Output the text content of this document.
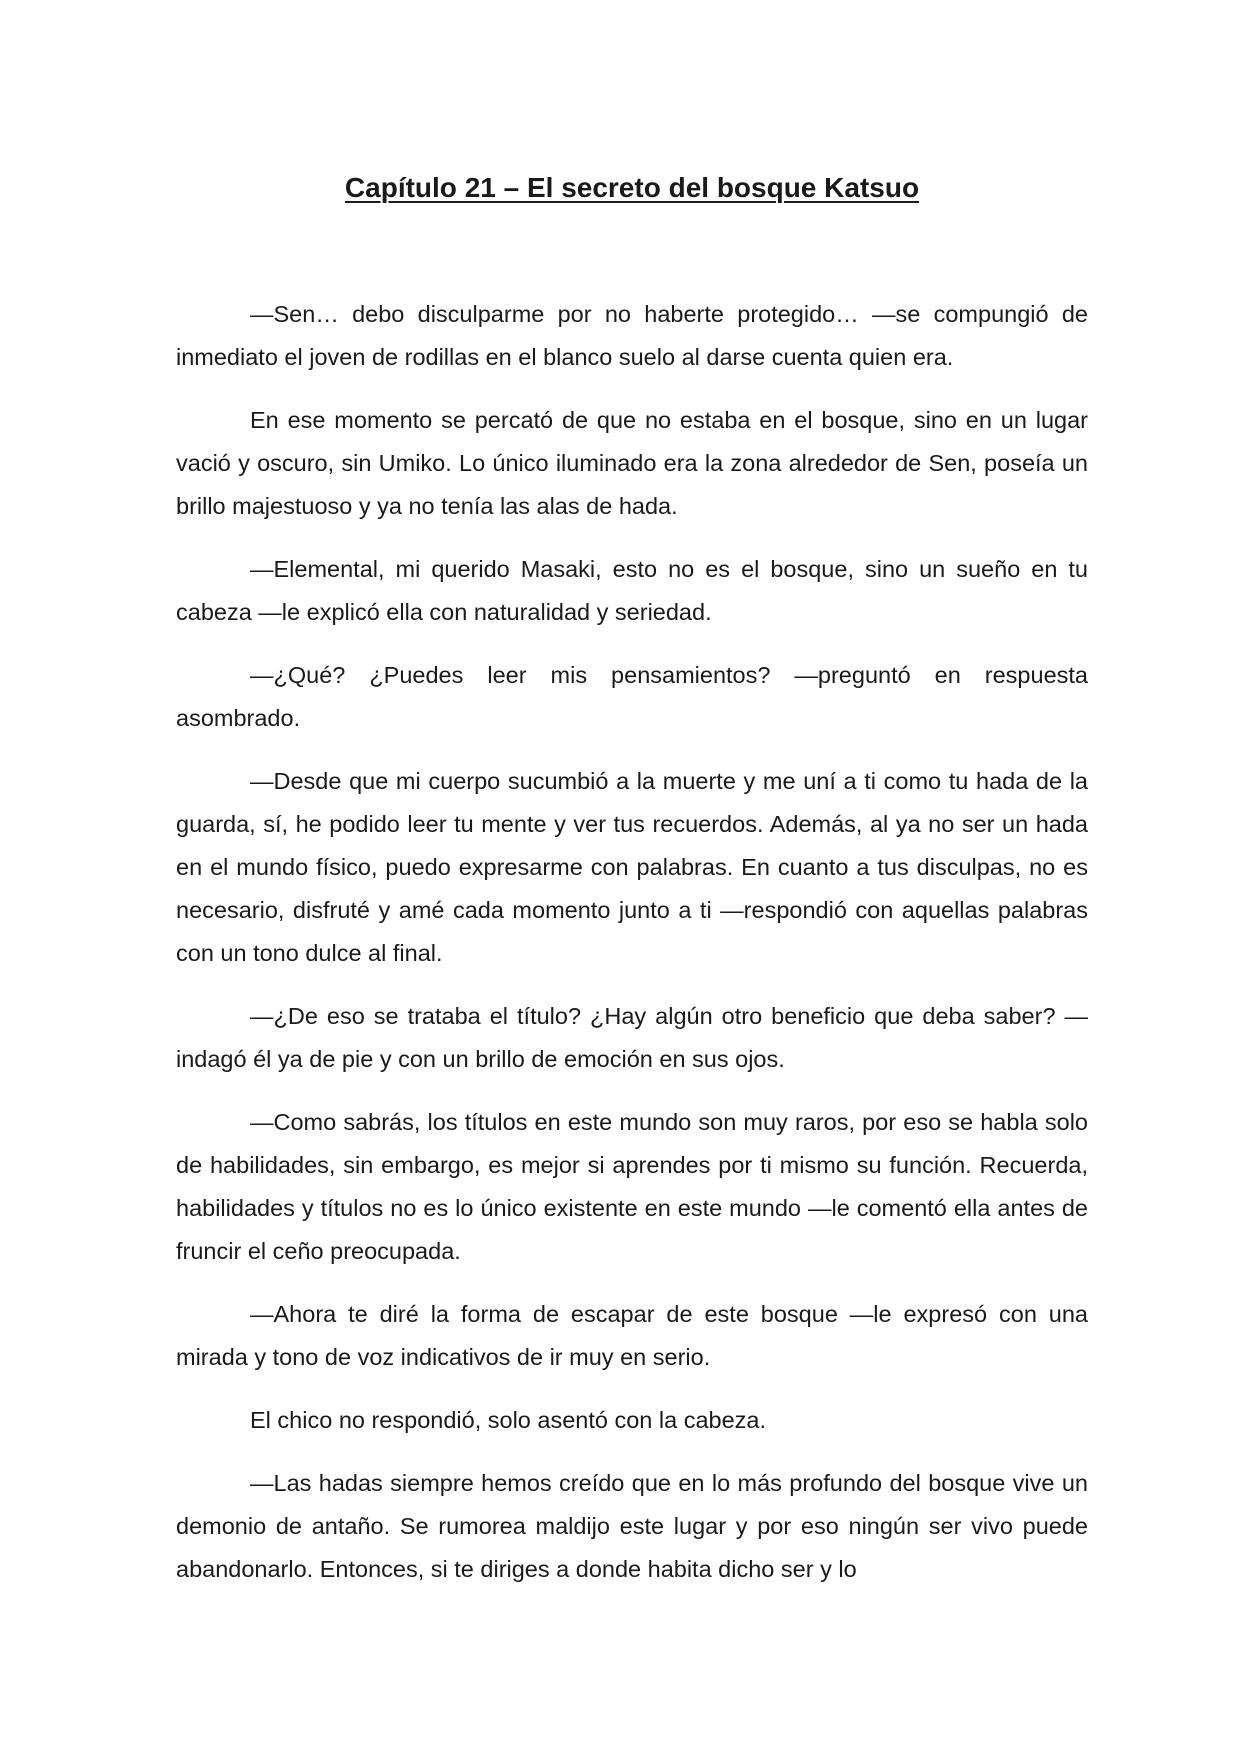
Capítulo 21 – El secreto del bosque Katsuo

—Sen… debo disculparme por no haberte protegido… —se compungió de inmediato el joven de rodillas en el blanco suelo al darse cuenta quien era.

En ese momento se percató de que no estaba en el bosque, sino en un lugar vació y oscuro, sin Umiko. Lo único iluminado era la zona alrededor de Sen, poseía un brillo majestuoso y ya no tenía las alas de hada.

—Elemental, mi querido Masaki, esto no es el bosque, sino un sueño en tu cabeza —le explicó ella con naturalidad y seriedad.

—¿Qué? ¿Puedes leer mis pensamientos? —preguntó en respuesta asombrado.

—Desde que mi cuerpo sucumbió a la muerte y me uní a ti como tu hada de la guarda, sí, he podido leer tu mente y ver tus recuerdos. Además, al ya no ser un hada en el mundo físico, puedo expresarme con palabras. En cuanto a tus disculpas, no es necesario, disfruté y amé cada momento junto a ti —respondió con aquellas palabras con un tono dulce al final.

—¿De eso se trataba el título? ¿Hay algún otro beneficio que deba saber? —indagó él ya de pie y con un brillo de emoción en sus ojos.

—Como sabrás, los títulos en este mundo son muy raros, por eso se habla solo de habilidades, sin embargo, es mejor si aprendes por ti mismo su función. Recuerda, habilidades y títulos no es lo único existente en este mundo —le comentó ella antes de fruncir el ceño preocupada.

—Ahora te diré la forma de escapar de este bosque —le expresó con una mirada y tono de voz indicativos de ir muy en serio.

El chico no respondió, solo asentó con la cabeza.

—Las hadas siempre hemos creído que en lo más profundo del bosque vive un demonio de antaño. Se rumorea maldijo este lugar y por eso ningún ser vivo puede abandonarlo. Entonces, si te diriges a donde habita dicho ser y lo
